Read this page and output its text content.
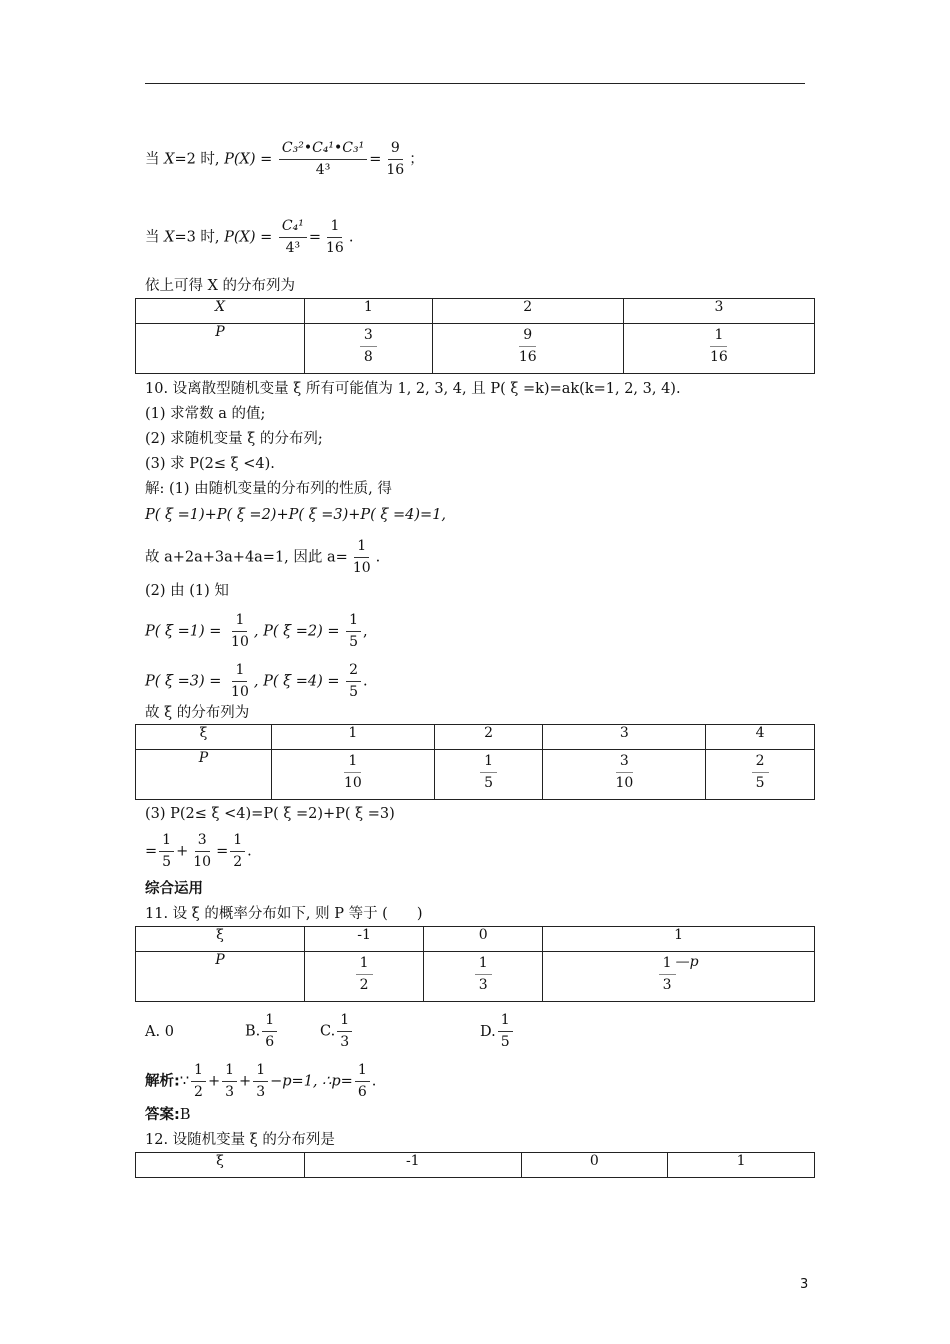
当 X=2 时, $P(X) = \frac{\text{C₃²•C₄¹•C₃¹}}{\text{4³}} = \frac{9}{16}$ ；
当 X=3 时, $P(X) = \frac{\text{C₄¹}}{\text{4³}} = \frac{1}{16}$ .
依上可得 X 的分布列为
X	1	2	3
P	$\frac{3}{8}$	$\frac{9}{16}$	$\frac{1}{16}$
10. 设离散型随机变量 ξ 所有可能值为 1, 2, 3, 4, 且 P( ξ =k)=ak(k=1, 2, 3, 4).
(1) 求常数 a 的值;
(2) 求随机变量 ξ 的分布列;
(3) 求 P(2≤ ξ <4).
解: (1) 由随机变量的分布列的性质, 得
P( ξ =1)+P( ξ =2)+P( ξ =3)+P( ξ =4)=1,
故 a+2a+3a+4a=1, 因此 $a= \frac{1}{10}$ .
(2) 由 (1) 知
P( $\xi =1) = \frac{1}{10}$ , P( $\xi =2) = \frac{1}{5}$ ,
P( $\xi =3) = \frac{1}{10}$ , P( $\xi =4) = \frac{2}{5}$ .
故 ξ 的分布列为
ξ	1	2	3	4
P	$\frac{1}{10}$	$\frac{1}{5}$	$\frac{3}{10}$	$\frac{2}{5}$
(3) P(2≤ ξ <4)=P( ξ =2)+P( ξ =3)
= $\frac{1}{5} + \frac{3}{10} = \frac{1}{2}$ .
综合运用
11. 设 ξ 的概率分布如下, 则 P 等于 (　　)
ξ	-1	0	1
P	$\frac{1}{2}$	$\frac{1}{3}$	$\frac{1}{3}$ —p
A. 0	B. $\frac{1}{6}$	C. $\frac{1}{3}$	D. $\frac{1}{5}$
解析:∵ $\frac{1}{2} + \frac{1}{3} + \frac{1}{3} -p=1$, ∴p= $\frac{1}{6}$ .
答案:B
12. 设随机变量 ξ 的分布列是
ξ	-1	0	1
3
